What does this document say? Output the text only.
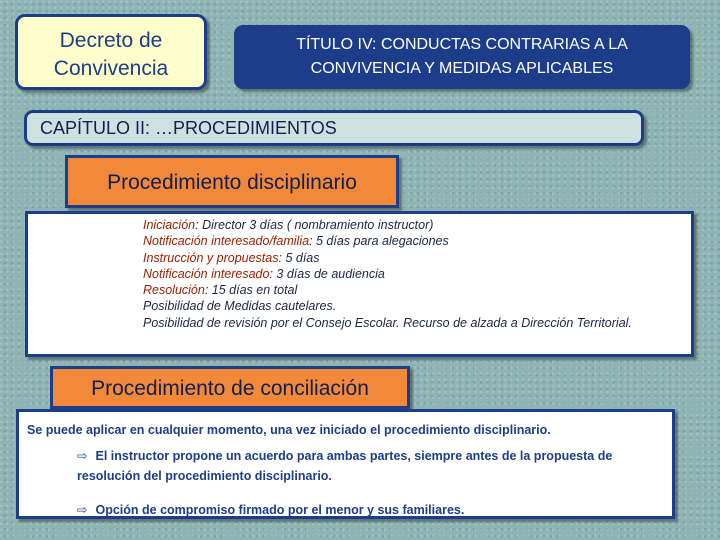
Decreto de
Convivencia
TÍTULO IV: CONDUCTAS CONTRARIAS A LA
CONVIVENCIA Y MEDIDAS APLICABLES
CAPÍTULO II: …PROCEDIMIENTOS
Procedimiento disciplinario
Iniciación: Director 3 días ( nombramiento instructor)
Notificación interesado/familia: 5 días para alegaciones
Instrucción y propuestas: 5 días
Notificación interesado: 3 días de audiencia
Resolución: 15 días en total
Posibilidad de Medidas cautelares.
Posibilidad de revisión por el Consejo Escolar. Recurso de alzada a Dirección Territorial.
Procedimiento de conciliación
Se puede aplicar en cualquier momento, una vez iniciado el procedimiento disciplinario.
⇨ El instructor propone un acuerdo para ambas partes, siempre antes de la propuesta de resolución del procedimiento disciplinario.
⇨ Opción de compromiso firmado por el menor y sus familiares.
